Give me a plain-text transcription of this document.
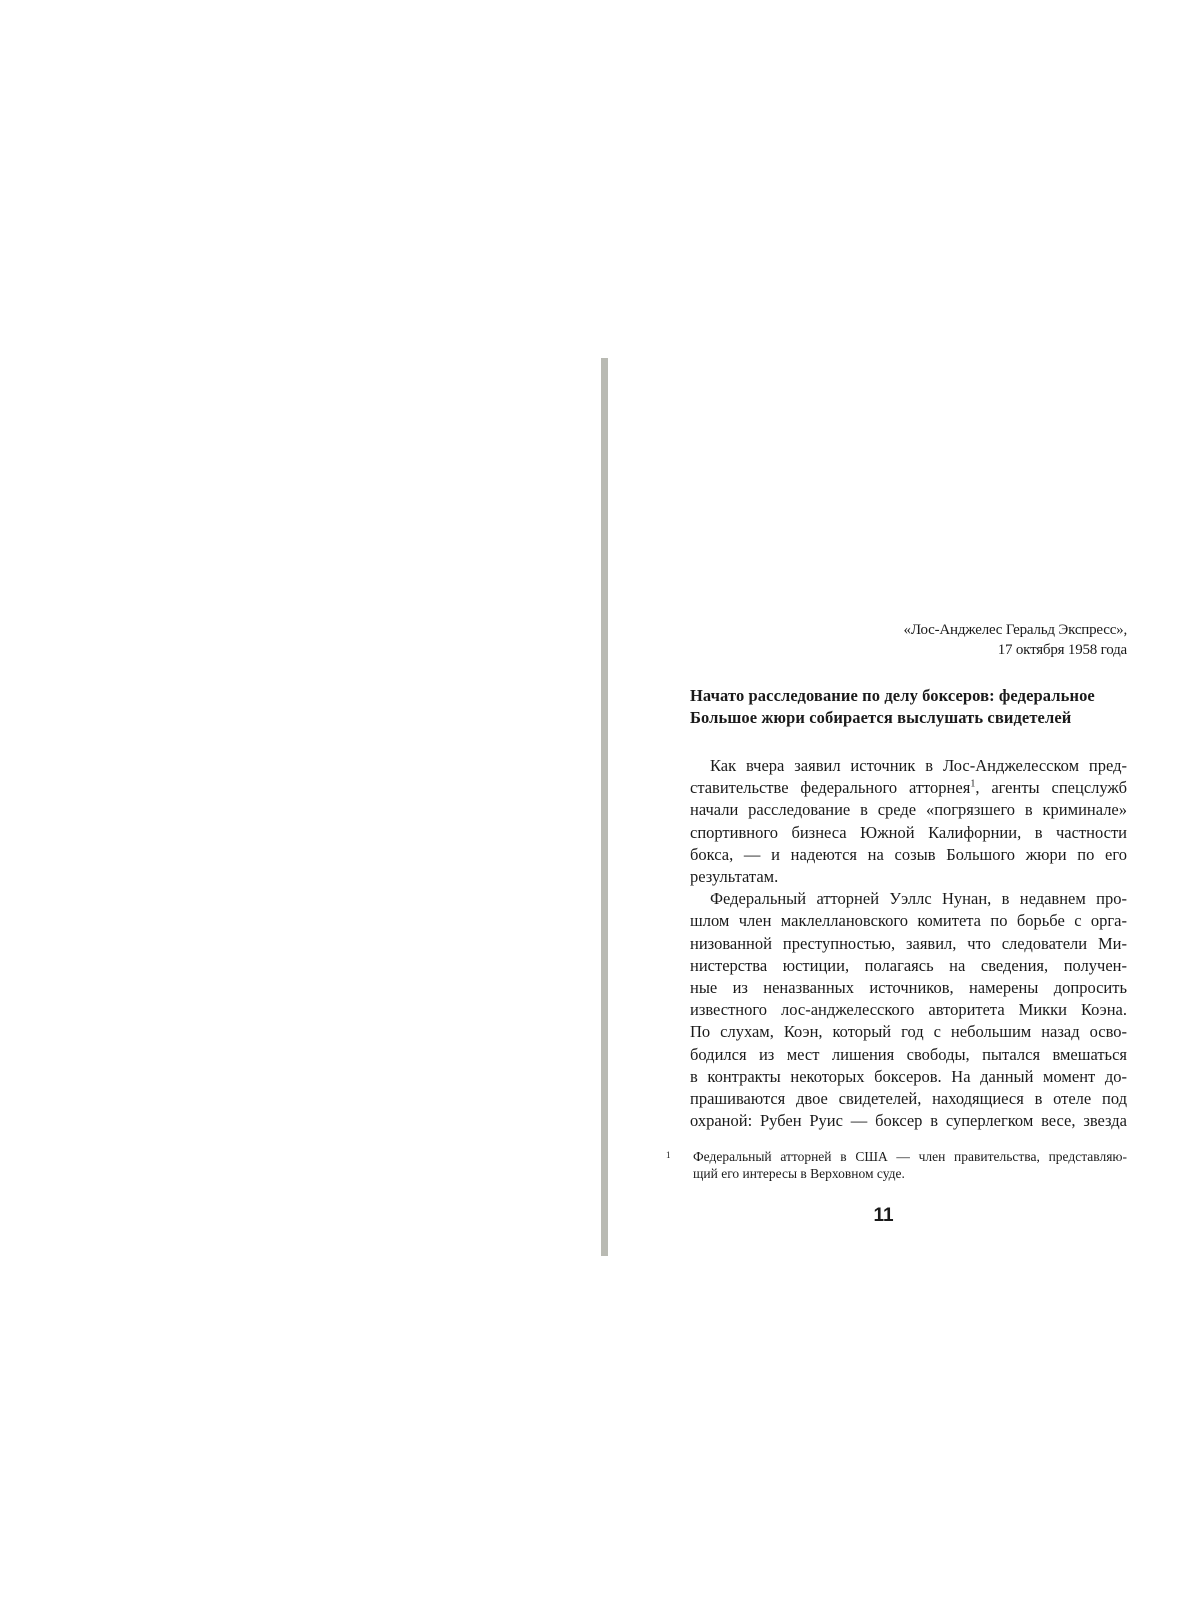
«Лос-Анджелес Геральд Экспресс»,
17 октября 1958 года
Начато расследование по делу боксеров: федеральное
Большое жюри собирается выслушать свидетелей
Как вчера заявил источник в Лос-Анджелесском пред-
ставительстве федерального атторнея$^1$, агенты спецслужб
начали расследование в среде «погрязшего в криминале»
спортивного бизнеса Южной Калифорнии, в частности
бокса, — и надеются на созыв Большого жюри по его
результатам.
Федеральный атторней Уэллс Нунан, в недавнем про-
шлом член маклеллановского комитета по борьбе с орга-
низованной преступностью, заявил, что следователи Ми-
нистерства юстиции, полагаясь на сведения, получен-
ные из неназванных источников, намерены допросить
известного лос-анджелесского авторитета Микки Коэна.
По слухам, Коэн, который год с небольшим назад осво-
бодился из мест лишения свободы, пытался вмешаться
в контракты некоторых боксеров. На данный момент до-
прашиваются двое свидетелей, находящиеся в отеле под
охраной: Рубен Руис — боксер в суперлегком весе, звезда
1 Федеральный атторней в США — член правительства, представляю-
щий его интересы в Верховном суде.
11
